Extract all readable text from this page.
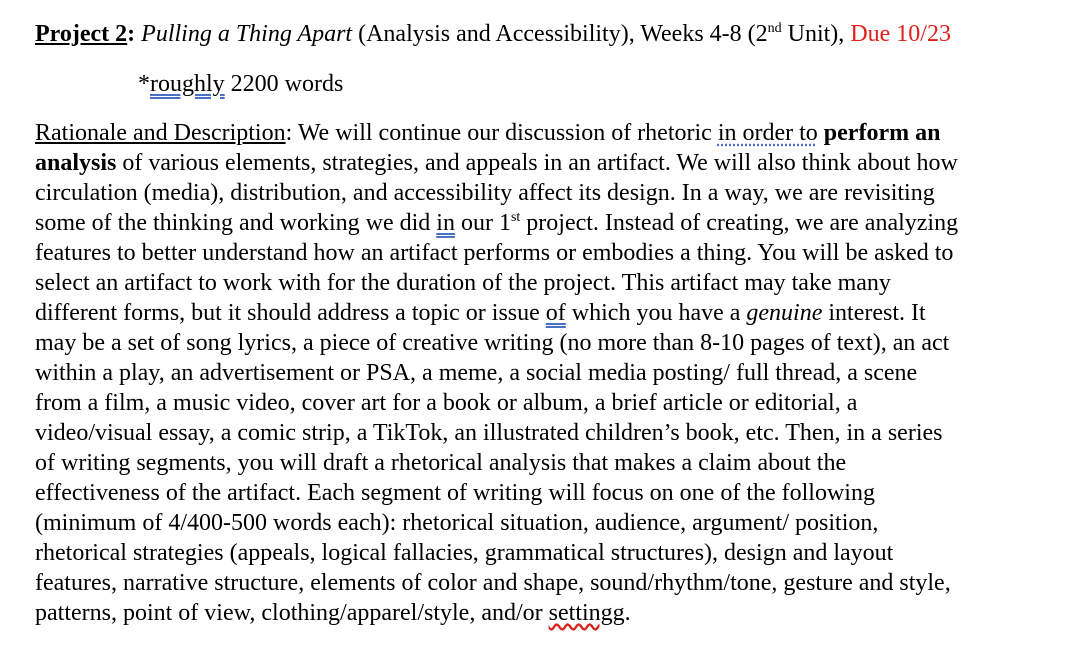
Project 2: Pulling a Thing Apart (Analysis and Accessibility), Weeks 4-8 (2nd Unit), Due 10/23
*roughly 2200 words
Rationale and Description: We will continue our discussion of rhetoric in order to perform an
analysis of various elements, strategies, and appeals in an artifact. We will also think about how
circulation (media), distribution, and accessibility affect its design. In a way, we are revisiting
some of the thinking and working we did in our 1st project. Instead of creating, we are analyzing
features to better understand how an artifact performs or embodies a thing. You will be asked to
select an artifact to work with for the duration of the project. This artifact may take many
different forms, but it should address a topic or issue of which you have a genuine interest. It
may be a set of song lyrics, a piece of creative writing (no more than 8-10 pages of text), an act
within a play, an advertisement or PSA, a meme, a social media posting/ full thread, a scene
from a film, a music video, cover art for a book or album, a brief article or editorial, a
video/visual essay, a comic strip, a TikTok, an illustrated children’s book, etc. Then, in a series
of writing segments, you will draft a rhetorical analysis that makes a claim about the
effectiveness of the artifact. Each segment of writing will focus on one of the following
(minimum of 4/400-500 words each): rhetorical situation, audience, argument/ position,
rhetorical strategies (appeals, logical fallacies, grammatical structures), design and layout
features, narrative structure, elements of color and shape, sound/rhythm/tone, gesture and style,
patterns, point of view, clothing/apparel/style, and/or settingg.
